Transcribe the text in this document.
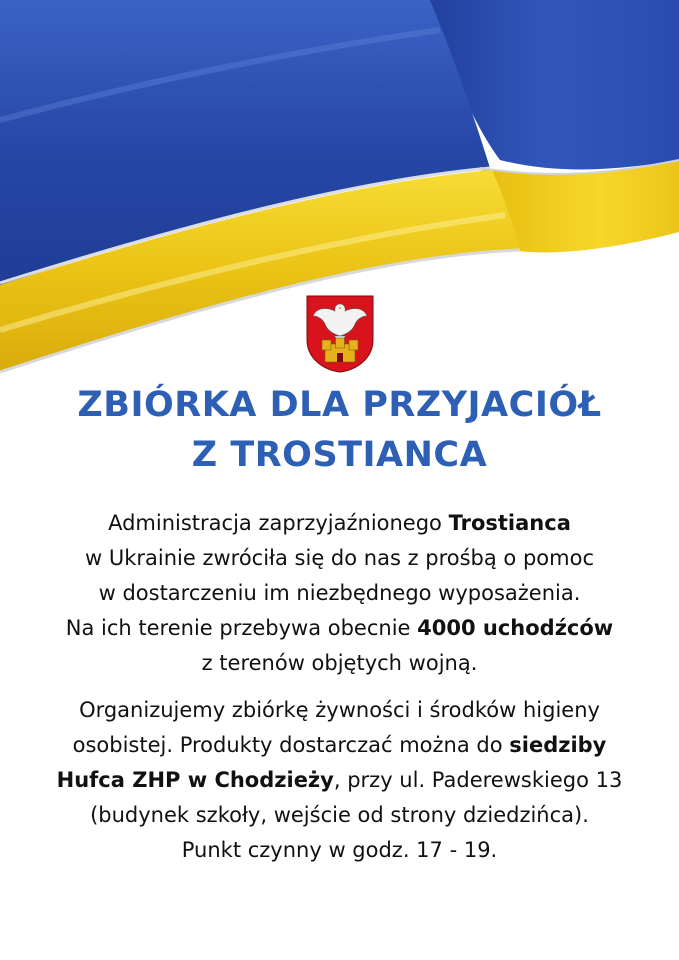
ZBIÓRKA DLA PRZYJACIÓŁ
Z TROSTIANCA
Administracja zaprzyjaźnionego Trostianca
w Ukrainie zwróciła się do nas z prośbą o pomoc
w dostarczeniu im niezbędnego wyposażenia.
Na ich terenie przebywa obecnie 4000 uchodźców
z terenów objętych wojną.
Organizujemy zbiórkę żywności i środków higieny
osobistej. Produkty dostarczać można do siedziby
Hufca ZHP w Chodzieży, przy ul. Paderewskiego 13
(budynek szkoły, wejście od strony dziedzińca).
Punkt czynny w godz. 17 - 19.
